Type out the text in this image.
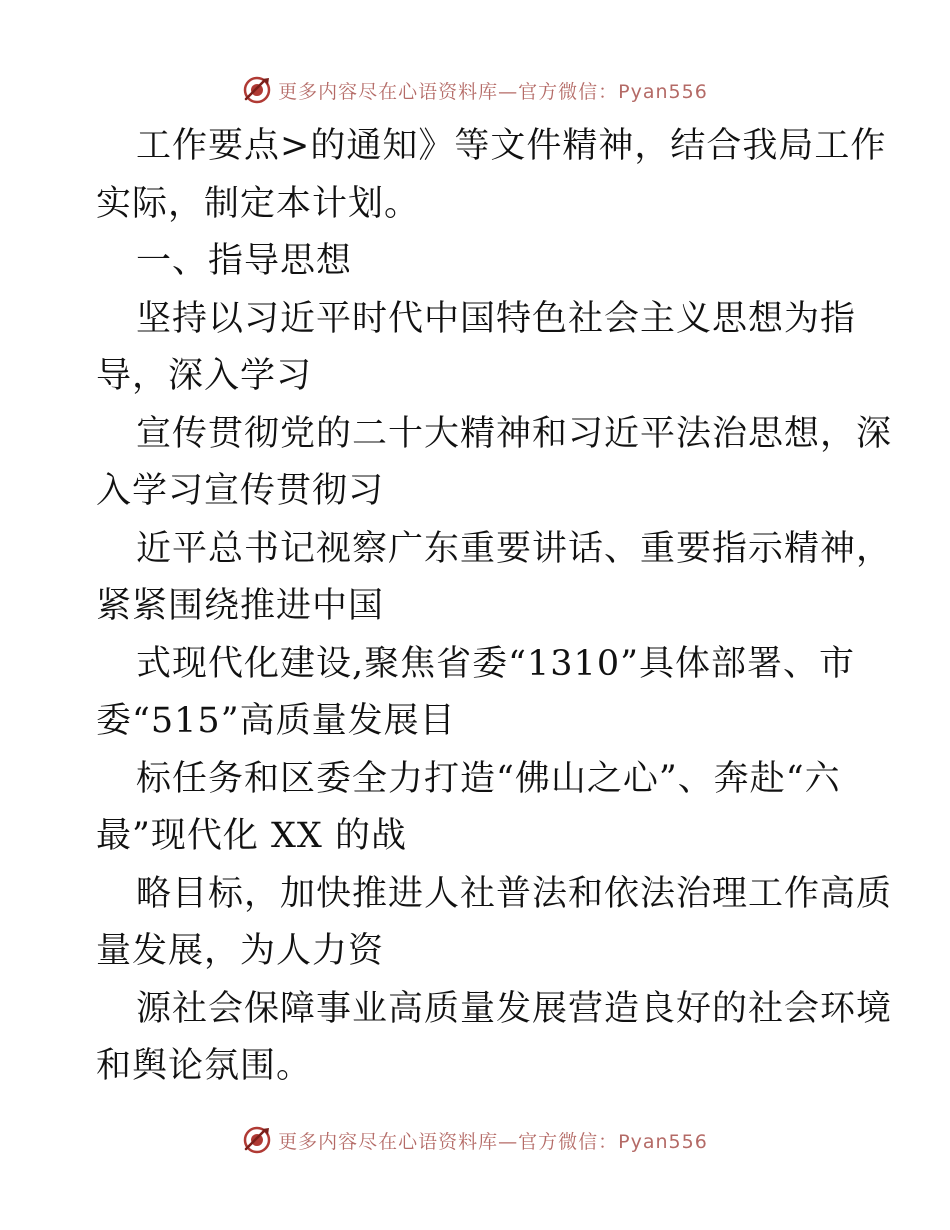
更多内容尽在心语资料库—官方微信：Pyan556
工作要点>的通知》等文件精神，结合我局工作
实际，制定本计划。
一、指导思想
坚持以习近平时代中国特色社会主义思想为指
导，深入学习
宣传贯彻党的二十大精神和习近平法治思想，深
入学习宣传贯彻习
近平总书记视察广东重要讲话、重要指示精神，
紧紧围绕推进中国
式现代化建设,聚焦省委“1310”具体部署、市
委“515”高质量发展目
标任务和区委全力打造“佛山之心”、奔赴“六
最”现代化 XX 的战
略目标，加快推进人社普法和依法治理工作高质
量发展，为人力资
源社会保障事业高质量发展营造良好的社会环境
和舆论氛围。
更多内容尽在心语资料库—官方微信：Pyan556
